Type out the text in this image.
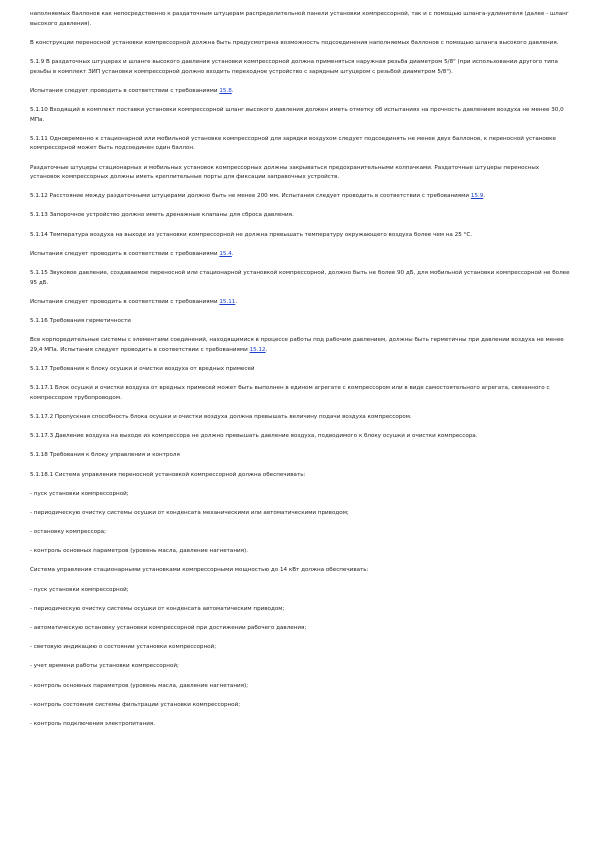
наполняемых баллонов как непосредственно к раздаточным штуцерам распределительной панели установки компрессорной, так и с помощью шланга-удлинителя (далее - шланг высокого давления).

В конструкции переносной установки компрессорной должна быть предусмотрена возможность подсоединения наполняемых баллонов с помощью шланга высокого давления.

5.1.9 В раздаточных штуцерах и шланге высокого давления установки компрессорной должна применяться наружная резьба диаметром 5/8" (при использовании другого типа резьбы в комплект ЗИП установки компрессорной должно входить переходное устройство с зарядным штуцером с резьбой диаметром 5/8").

Испытания следует проводить в соответствии с требованиями 15.8.

5.1.10 Входящий в комплект поставки установки компрессорной шланг высокого давления должен иметь отметку об испытаниях на прочность давлением воздуха не менее 30,0 МПа.

5.1.11 Одновременно к стационарной или мобильной установке компрессорной для зарядки воздухом следует подсоединять не менее двух баллонов, к переносной установке компрессорной может быть подсоединен один баллон.

Раздаточные штуцеры стационарных и мобильных установок компрессорных должны закрываться предохранительными колпачками. Раздаточные штуцеры переносных установок компрессорных должны иметь креплительные порты для фиксации заправочных устройств.

5.1.12 Расстояние между раздаточными штуцерами должно быть не менее 200 мм. Испытания следует проводить в соответствии с требованиями 15.9.

5.1.13 Запорочное устройство должно иметь дренажные клапаны для сброса давления.

5.1.14 Температура воздуха на выходе из установки компрессорной не должна превышать температуру окружающего воздуха более чем на 25 °С.

Испытания следует проводить в соответствии с требованиями 15.4.

5.1.15 Звуковое давление, создаваемое переносной или стационарной установкой компрессорной, должно быть не более 90 дБ, для мобильной установки компрессорной не более 95 дБ.

Испытания следует проводить в соответствии с требованиями 15.11.

5.1.16 Требования герметичности

Все корпоредительные системы с элементами соединений, находящимися в процессе работы под рабочим давлением, должны быть герметичны при давлении воздуха не менее 29,4 МПа. Испытания следует проводить в соответствии с требованиями 15.12.

5.1.17 Требования к блоку осушки и очистки воздуха от вредных примесей

5.1.17.1 Блок осушки и очистки воздуха от вредных примесей может быть выполнен в едином агрегате с компрессором или в виде самостоятельного агрегата, связанного с компрессором трубопроводом.

5.1.17.2 Пропускная способность блока осушки и очистки воздуха должна превышать величину подачи воздуха компрессором.

5.1.17.3 Давление воздуха на выходе из компрессора не должно превышать давление воздуха, подводимого к блоку осушки и очистки компрессора.

5.1.18 Требования к блоку управления и контроля

5.1.18.1 Система управления переносной установкой компрессорной должна обеспечивать:

- пуск установки компрессорной;

- периодическую очистку системы осушки от конденсата механическими или автоматическими приводом;

- остановку компрессора;

- контроль основных параметров (уровень масла, давление нагнетания).

Система управления стационарными установками компрессорными мощностью до 14 кВт должна обеспечивать:

- пуск установки компрессорной;

- периодическую очистку системы осушки от конденсата автоматическим приводом;

- автоматическую остановку установки компрессорной при достижении рабочего давления;

- световую индикацию о состоянии установки компрессорной;

- учет времени работы установки компрессорной;

- контроль основных параметров (уровень масла, давление нагнетания);

- контроль состояния системы фильтрации установки компрессорной;

- контроль подключения электропитания.
